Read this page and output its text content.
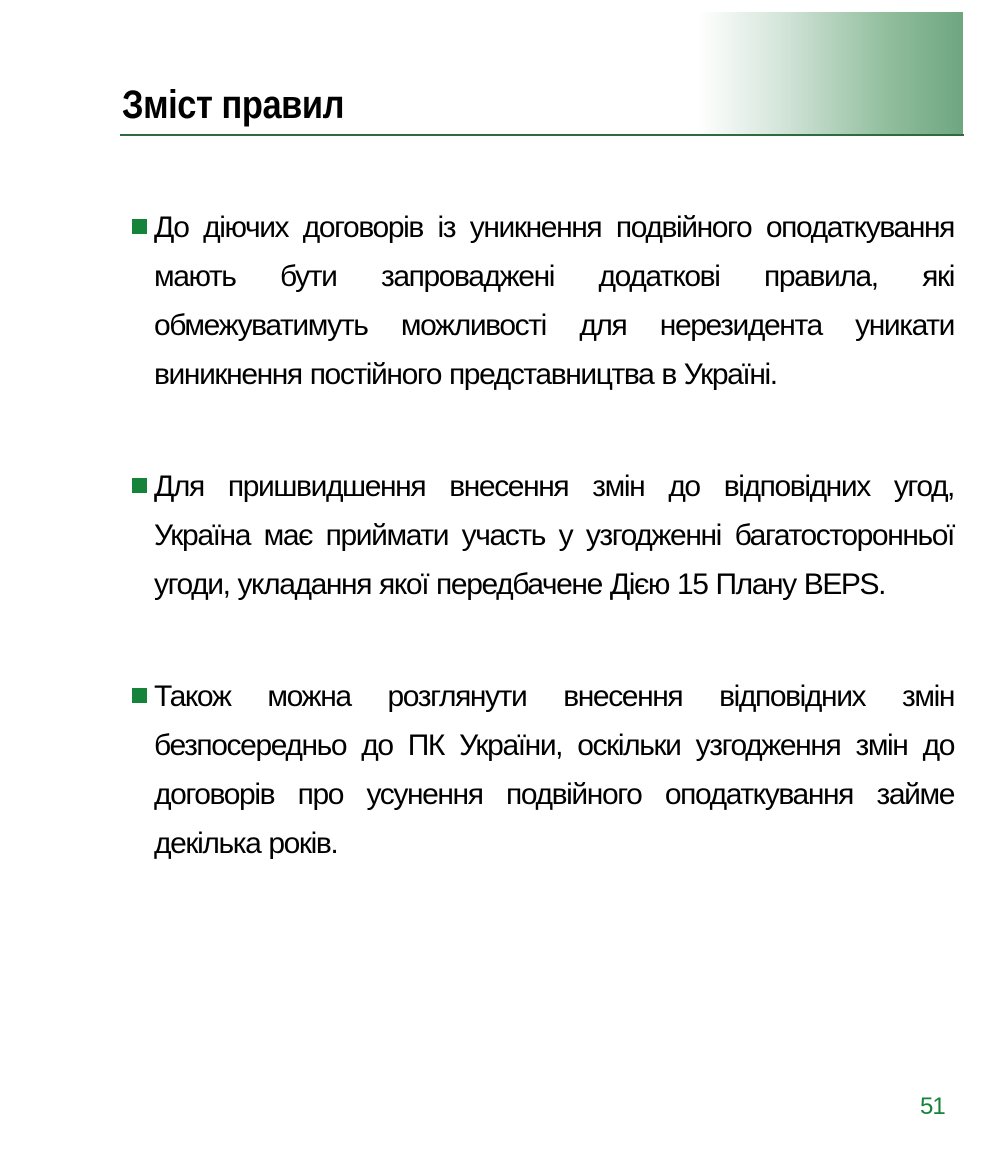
Зміст правил
До діючих договорів із уникнення подвійного оподаткування мають бути запроваджені додаткові правила, які обмежуватимуть можливості для нерезидента уникати виникнення постійного представництва в Україні.
Для пришвидшення внесення змін до відповідних угод, Україна має приймати участь у узгодженні багатосторонньої угоди, укладання якої передбачене Дією 15 Плану BEPS.
Також можна розглянути внесення відповідних змін безпосередньо до ПК України, оскільки узгодження змін до договорів про усунення подвійного оподаткування займе декілька років.
51
